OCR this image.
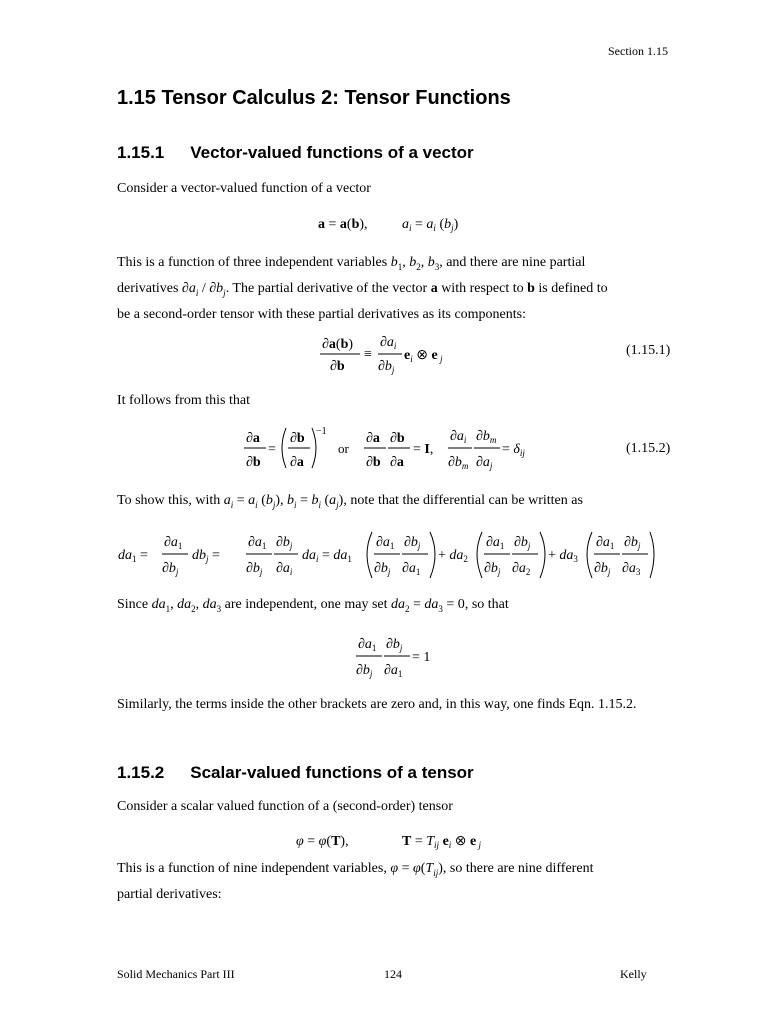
Section 1.15
1.15 Tensor Calculus 2: Tensor Functions
1.15.1 Vector-valued functions of a vector
Consider a vector-valued function of a vector
a = a(b), $a_i = a_i$ $(b_j)$
This is a function of three independent variables $b_1$, $b_2$, $b_3$, and there are nine partial
derivatives $\partial a_i / \partial b_j$. The partial derivative of the vector a with respect to b is defined to
be a second-order tensor with these partial derivatives as its components:
∂a(b)
∂b
≡
$\partial a_i$
$\partial b_j$
$e_i$ ⊗ e $_j$
(1.15.1)
It follows from this that
∂a
∂b
=
∂b
∂a
−1
or
∂a
∂b
∂b
∂a
= I,
$\partial a_i$
$\partial b_m$
$\partial b_m$
$\partial a_j$
= $\delta_{ij}$	(1.15.2)
To show this, with $a_i = a_i$ $(b_j)$, $b_i = b_i$ $(a_j)$, note that the differential can be written as
$da_1$ =
$\partial a_1$
$\partial b_j$
$db_j$ =
$\partial a_1$
$\partial b_j$
$\partial b_j$
$\partial a_i$
$da_i = da_1$
$\partial a_1$
$\partial b_j$
$\partial b_j$
$\partial a_1$
+ $da_2$
$\partial a_1$
$\partial b_j$
$\partial b_j$
$\partial a_2$
+ $da_3$
$\partial a_1$
$\partial b_j$
$\partial b_j$
$\partial a_3$
Since $da_1$, $da_2$, $da_3$ are independent, one may set $da_2 = da_3 = 0$, so that
$\partial a_1$
$\partial b_j$
$\partial b_j$
$\partial a_1$
= 1
Similarly, the terms inside the other brackets are zero and, in this way, one finds Eqn. 1.15.2.
1.15.2 Scalar-valued functions of a tensor
Consider a scalar valued function of a (second-order) tensor
φ = φ(T),	$T = T_{ij}$ $e_i$ ⊗ e $_j$
This is a function of nine independent variables, $\varphi = \varphi(T_{ij})$, so there are nine different
partial derivatives:
Solid Mechanics Part III	124	Kelly
